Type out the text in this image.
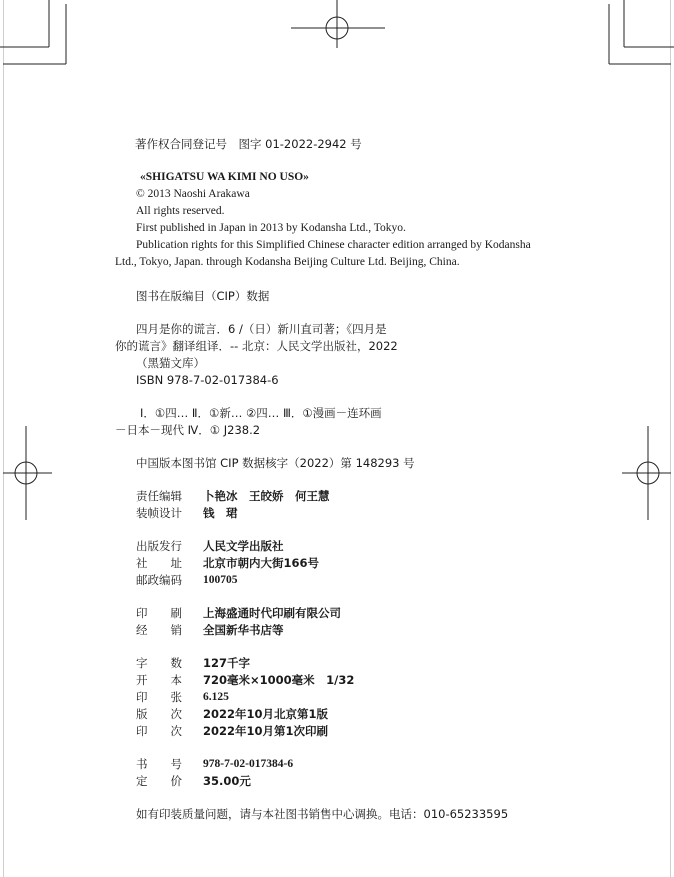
著作权合同登记号　图字 01-2022-2942 号
«SHIGATSU WA KIMI NO USO»
© 2013 Naoshi Arakawa
All rights reserved.
First published in Japan in 2013 by Kodansha Ltd., Tokyo.
Publication rights for this Simplified Chinese character edition arranged by Kodansha
Ltd., Tokyo, Japan. through Kodansha Beijing Culture Ltd. Beijing, China.
图书在版编目（CIP）数据
四月是你的谎言．6 /（日）新川直司著；《四月是
你的谎言》翻译组译．-- 北京：人民文学出版社，2022
（黑猫文库）
ISBN 978-7-02-017384-6
Ⅰ．①四… Ⅱ．①新… ②四… Ⅲ．①漫画－连环画
－日本－现代 Ⅳ．① J238.2
中国版本图书馆 CIP 数据核字（2022）第 148293 号
责任编辑 卜艳冰　王皎娇　何王慧
装帧设计 钱　珺
出版发行 人民文学出版社
社　　址 北京市朝内大街166号
邮政编码 100705
印　　刷 上海盛通时代印刷有限公司
经　　销 全国新华书店等
字　　数 127千字
开　　本 720毫米×1000毫米　1/32
印　　张 6.125
版　　次 2022年10月北京第1版
印　　次 2022年10月第1次印刷
书　　号 978-7-02-017384-6
定　　价 35.00元
如有印装质量问题，请与本社图书销售中心调换。电话：010-65233595
